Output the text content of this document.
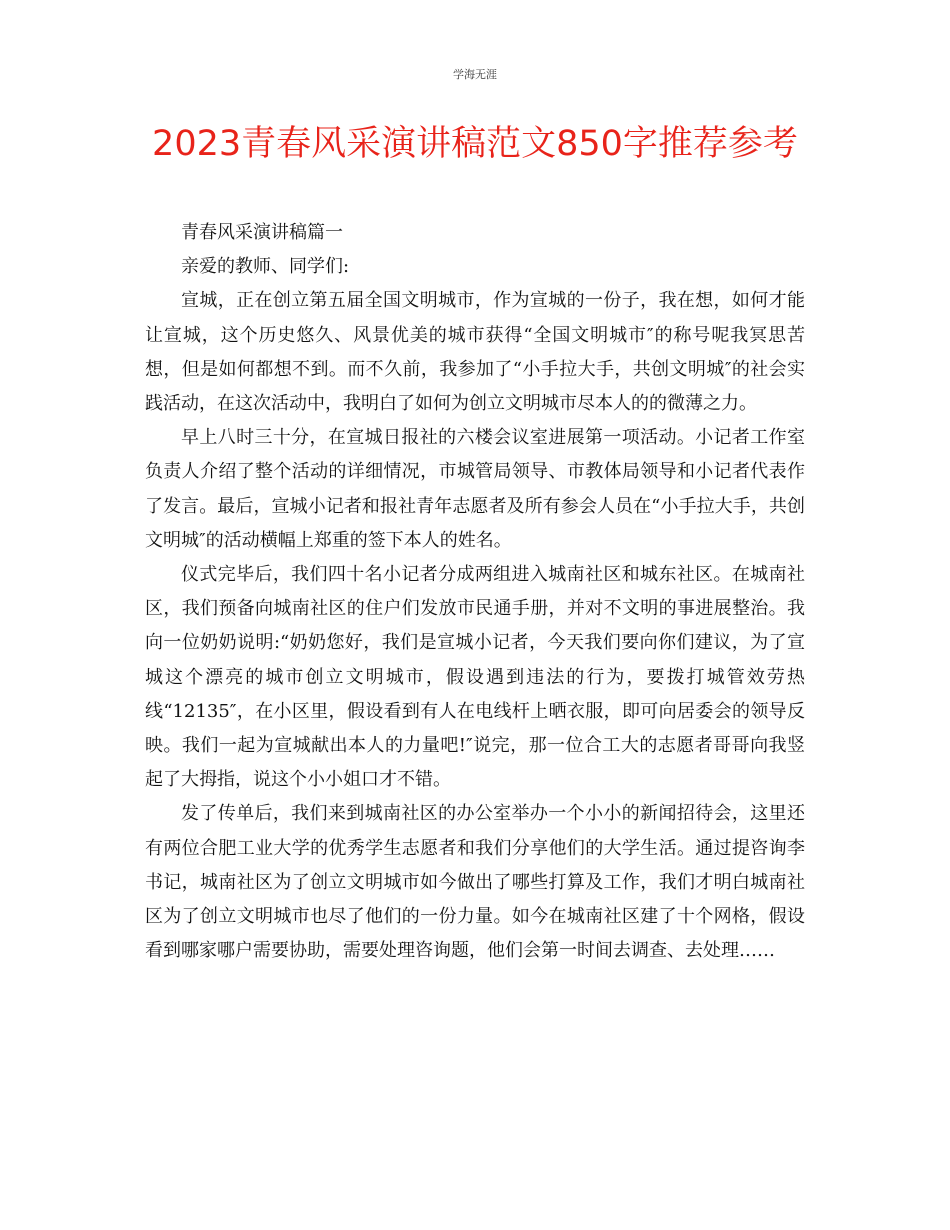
学海无涯
2023青春风采演讲稿范文850字推荐参考

青春风采演讲稿篇一

亲爱的教师、同学们:

宣城，正在创立第五届全国文明城市，作为宣城的一份子，我在想，如何才能让宣城，这个历史悠久、风景优美的城市获得“全国文明城市″的称号呢我冥思苦想，但是如何都想不到。而不久前，我参加了“小手拉大手，共创文明城″的社会实践活动，在这次活动中，我明白了如何为创立文明城市尽本人的的微薄之力。

早上八时三十分，在宣城日报社的六楼会议室进展第一项活动。小记者工作室负责人介绍了整个活动的详细情况，市城管局领导、市教体局领导和小记者代表作了发言。最后，宣城小记者和报社青年志愿者及所有参会人员在“小手拉大手，共创文明城″的活动横幅上郑重的签下本人的姓名。

仪式完毕后，我们四十名小记者分成两组进入城南社区和城东社区。在城南社区，我们预备向城南社区的住户们发放市民通手册，并对不文明的事进展整治。我向一位奶奶说明:“奶奶您好，我们是宣城小记者，今天我们要向你们建议，为了宣城这个漂亮的城市创立文明城市，假设遇到违法的行为，要拨打城管效劳热线“12135″，在小区里，假设看到有人在电线杆上晒衣服，即可向居委会的领导反映。我们一起为宣城献出本人的力量吧!″说完，那一位合工大的志愿者哥哥向我竖起了大拇指，说这个小小姐口才不错。

发了传单后，我们来到城南社区的办公室举办一个小小的新闻招待会，这里还有两位合肥工业大学的优秀学生志愿者和我们分享他们的大学生活。通过提咨询李书记，城南社区为了创立文明城市如今做出了哪些打算及工作，我们才明白城南社区为了创立文明城市也尽了他们的一份力量。如今在城南社区建了十个网格，假设看到哪家哪户需要协助，需要处理咨询题，他们会第一时间去调查、去处理……
